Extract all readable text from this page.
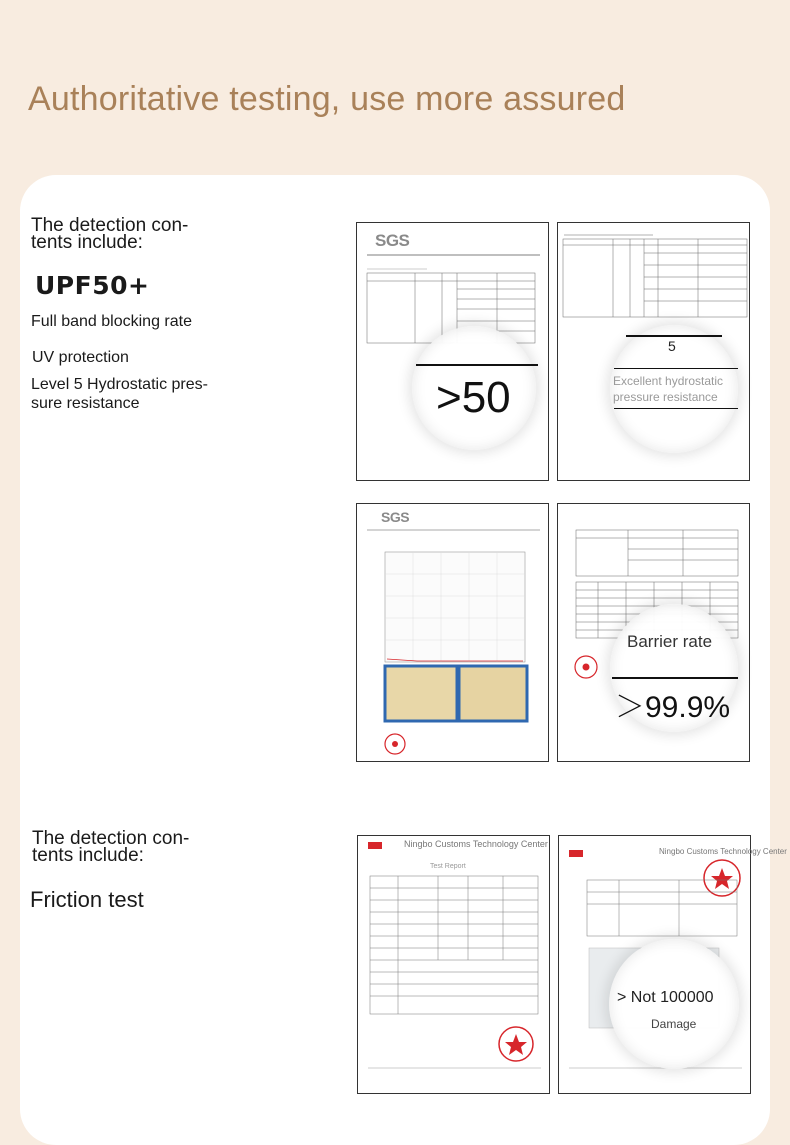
Authoritative testing, use more assured
The detection con-
tents include:
UPF50+
Full band blocking rate
UV protection
Level 5 Hydrostatic pres-
sure resistance
The detection con-
tents include:
Friction test
SGS
>50
5
Excellent hydrostatic
pressure resistance
SGS
Barrier rate
＞99.9%
Ningbo Customs Technology Center
Test Report
Ningbo Customs Technology Center
> Not 100000
Damage
